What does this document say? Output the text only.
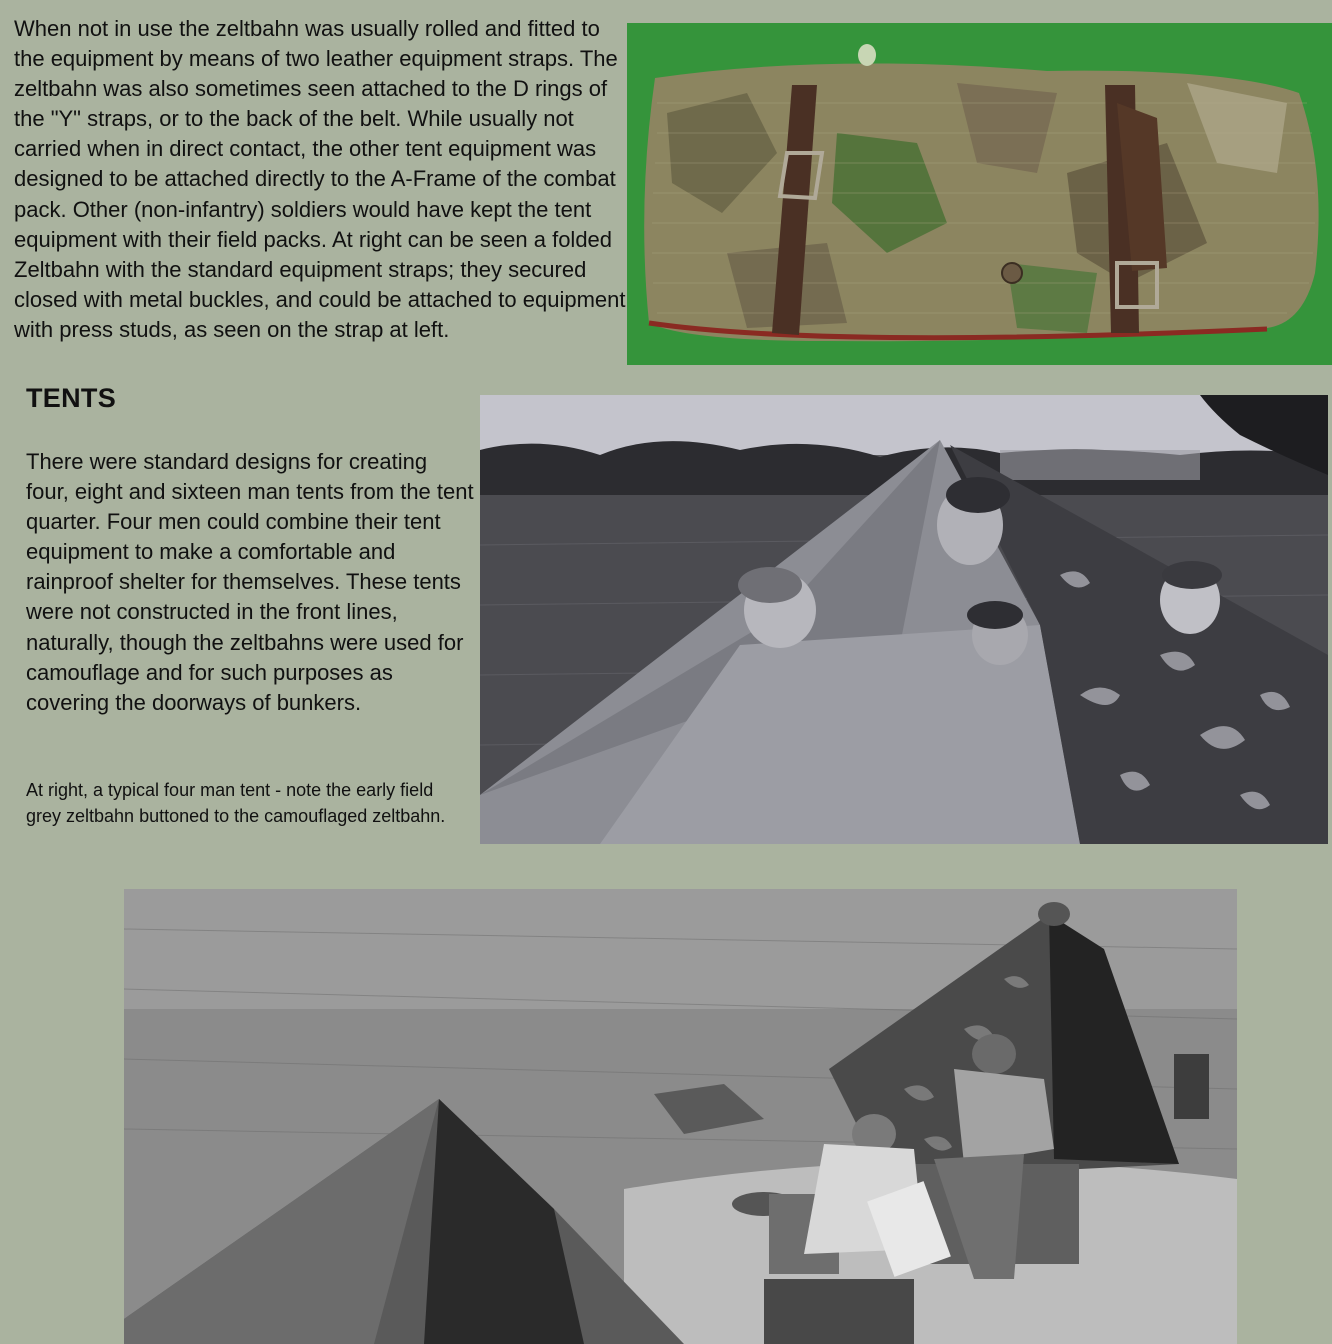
When not in use the zeltbahn was usually rolled and fitted to the equipment by means of two leather equipment straps. The zeltbahn was also sometimes seen attached to the D rings of the "Y" straps, or to the back of the belt. While usually not carried when in direct contact, the other tent equipment was designed to be attached directly to the A-Frame of the combat pack. Other (non-infantry) soldiers would have kept the tent equipment with their field packs. At right can be seen a folded Zeltbahn with the standard equipment straps; they secured closed with metal buckles, and could be attached to equipment with press studs, as seen on the strap at left.

TENTS

There were standard designs for creating four, eight and sixteen man tents from the tent quarter. Four men could combine their tent equipment to make a comfortable and rainproof shelter for themselves. These tents were not constructed in the front lines, naturally, though the zeltbahns were used for camouflage and for such purposes as covering the doorways of bunkers.

At right, a typical four man tent - note the early field grey zeltbahn buttoned to the camouflaged zeltbahn.
